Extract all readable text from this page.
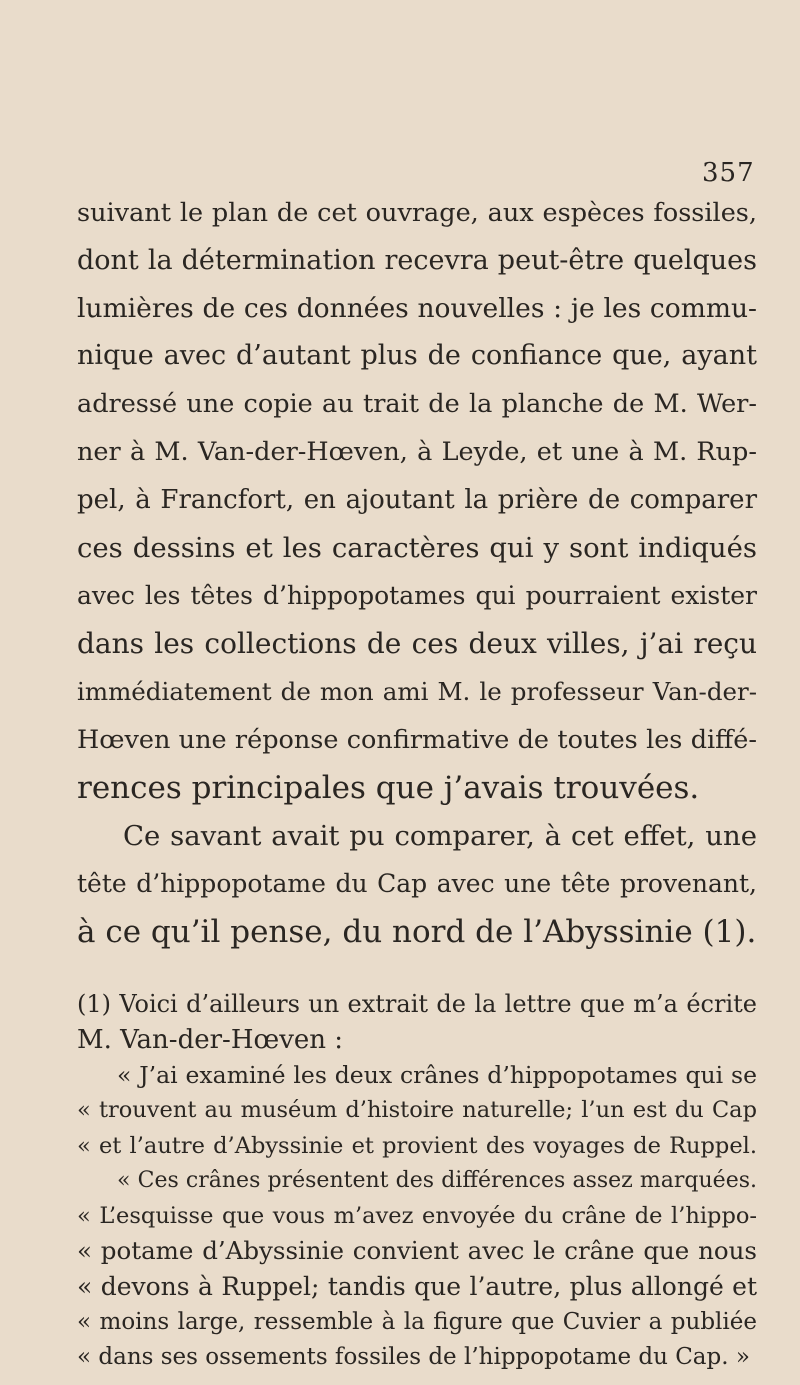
357
suivant le plan de cet ouvrage, aux espèces fossiles,
dont la détermination recevra peut-être quelques
lumières de ces données nouvelles : je les commu-
nique avec d’autant plus de confiance que, ayant
adressé une copie au trait de la planche de M. Wer-
ner à M. Van-der-Hœven, à Leyde, et une à M. Rup-
pel, à Francfort, en ajoutant la prière de comparer
ces dessins et les caractères qui y sont indiqués
avec les têtes d’hippopotames qui pourraient exister
dans les collections de ces deux villes, j’ai reçu
immédiatement de mon ami M. le professeur Van-der-
Hœven une réponse confirmative de toutes les diffé-
rences principales que j’avais trouvées.
Ce savant avait pu comparer, à cet effet, une
tête d’hippopotame du Cap avec une tête provenant,
à ce qu’il pense, du nord de l’Abyssinie (1).
(1) Voici d’ailleurs un extrait de la lettre que m’a écrite
M. Van-der-Hœven :
« J’ai examiné les deux crânes d’hippopotames qui se
« trouvent au muséum d’histoire naturelle; l’un est du Cap
« et l’autre d’Abyssinie et provient des voyages de Ruppel.
« Ces crânes présentent des différences assez marquées.
« L’esquisse que vous m’avez envoyée du crâne de l’hippo-
« potame d’Abyssinie convient avec le crâne que nous
« devons à Ruppel; tandis que l’autre, plus allongé et
« moins large, ressemble à la figure que Cuvier a publiée
« dans ses ossements fossiles de l’hippopotame du Cap. »
